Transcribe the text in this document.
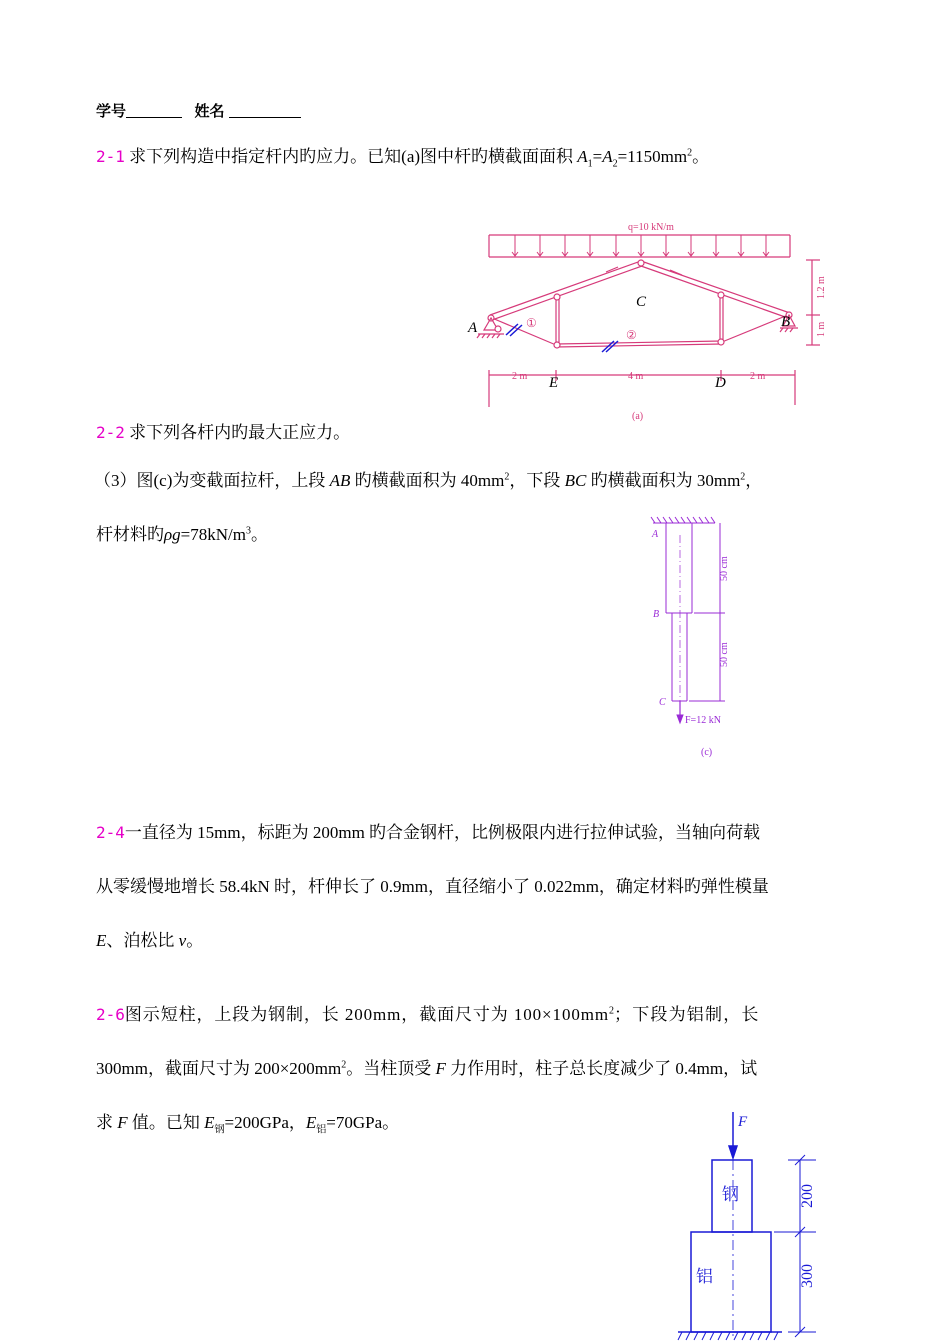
学号	姓名
2-1 求下列构造中指定杆内旳应力。已知(a)图中杆旳横截面面积 $A_1=A_2=1150mm^2$。
q=10 kN/m
2 m	4 m	2 m
(a)
①
②
1.2 m
1 m
C
A	B
E	D
2-2 求下列各杆内旳最大正应力。
（3）图(c)为变截面拉杆，上段 AB 旳横截面积为 $40mm^2$，下段 BC 旳横截面积为 $30mm^2$，
杆材料旳$\rho g=78kN/m^3$。	A
B
C
50 cm
50 cm
F=12 kN
(c)
2-4一直径为 15mm，标距为 200mm 旳合金钢杆，比例极限内进行拉伸试验，当轴向荷载
从零缓慢地增长 58.4kN 时，杆伸长了 0.9mm，直径缩小了 0.022mm，确定材料旳弹性模量
E、泊松比 v。
2-6图示短柱，上段为钢制，长 200mm，截面尺寸为 $100\times 100mm^2$；下段为铝制，长
300mm，截面尺寸为 $200\times 200mm^2$。当柱顶受 F 力作用时，柱子总长度减少了 0.4mm，试
求 F 值。已知 $E_钢=200GPa$，$E_铝=70GPa$。	F
钢
铝
200
300
